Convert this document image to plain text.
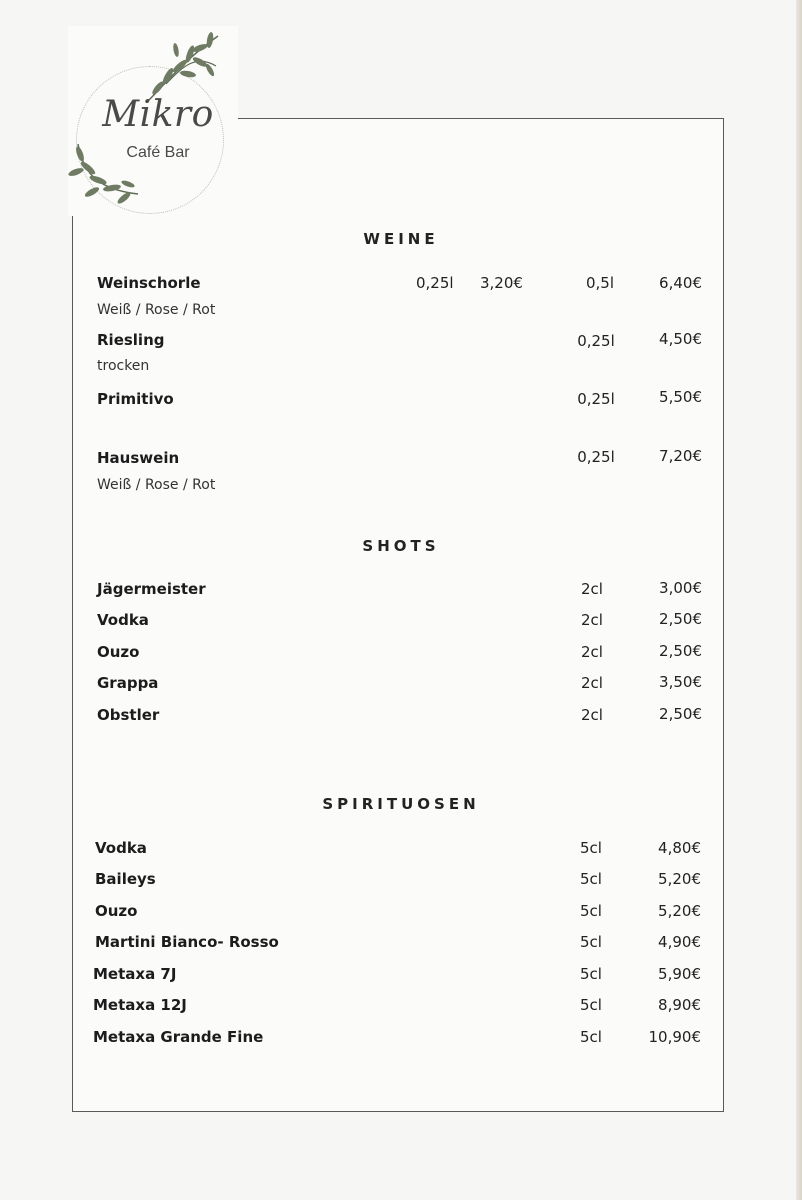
Mikro
Café Bar
WEINE
Weinschorle	0,25l 3,20€	0,5l	6,40€
Weiß / Rose / Rot
Riesling	0,25l	4,50€
trocken
Primitivo	0,25l	5,50€
Hauswein	0,25l	7,20€
Weiß / Rose / Rot
SHOTS
Jägermeister	2cl	3,00€
Vodka	2cl	2,50€
Ouzo	2cl	2,50€
Grappa	2cl	3,50€
Obstler	2cl	2,50€
SPIRITUOSEN
Vodka	5cl	4,80€
Baileys	5cl	5,20€
Ouzo	5cl	5,20€
Martini Bianco- Rosso	5cl	4,90€
Metaxa 7J	5cl	5,90€
Metaxa 12J	5cl	8,90€
Metaxa Grande Fine	5cl	10,90€
